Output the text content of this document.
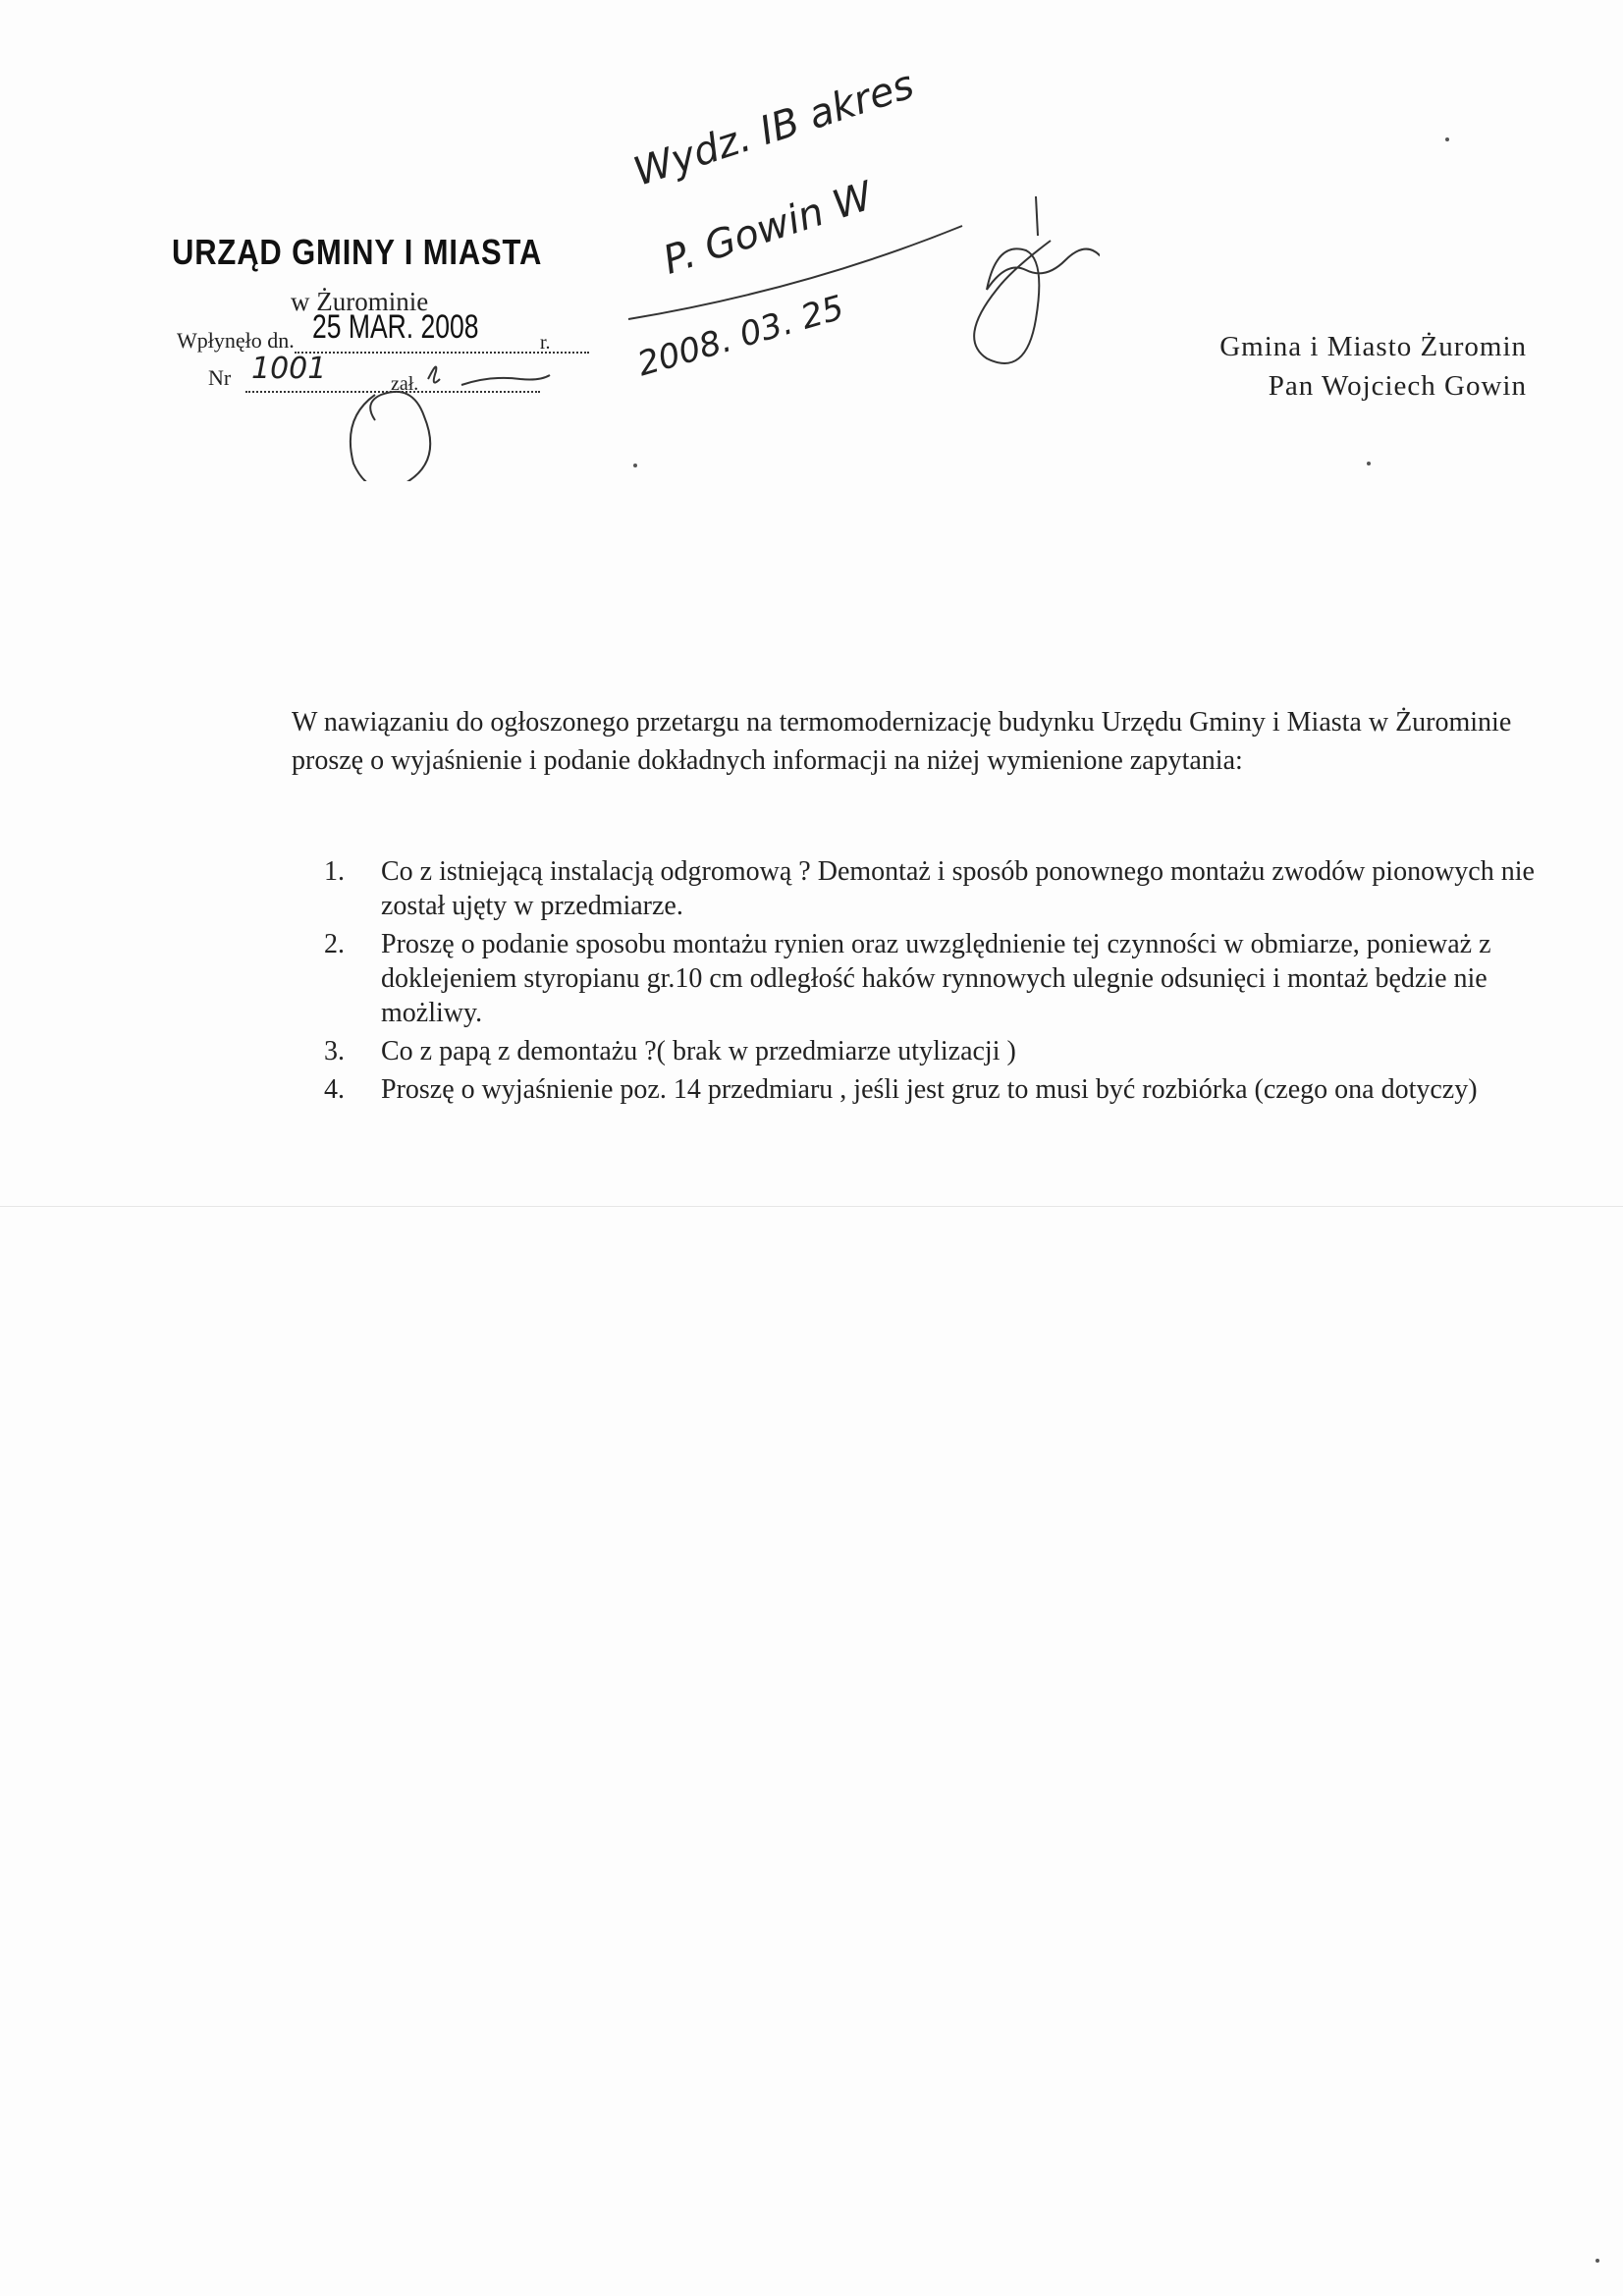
URZĄD GMINY I MIASTA
w Żurominie
Wpłynęło dn. 25 MAR. 2008	r.
Nr 1001	zał.
Wydz. IB akres
P. Gowin W
2008. 03. 25	Gmina i Miasto Żuromin
Pan Wojciech Gowin
W nawiązaniu do ogłoszonego przetargu na termomodernizację budynku Urzędu Gminy i Miasta w Żurominie proszę o wyjaśnienie i podanie dokładnych informacji na niżej wymienione zapytania:
1.	Co z istniejącą instalacją odgromową ? Demontaż i sposób ponownego montażu zwodów pionowych nie został ujęty w przedmiarze.
2.	Proszę o podanie sposobu montażu rynien oraz uwzględnienie tej czynności w obmiarze, ponieważ z doklejeniem styropianu gr.10 cm odległość haków rynnowych ulegnie odsunięci i montaż będzie nie możliwy.
3.	Co z papą z demontażu ?( brak w przedmiarze utylizacji )
4.	Proszę o wyjaśnienie poz. 14 przedmiaru , jeśli jest gruz to musi być rozbiórka (czego ona dotyczy)
